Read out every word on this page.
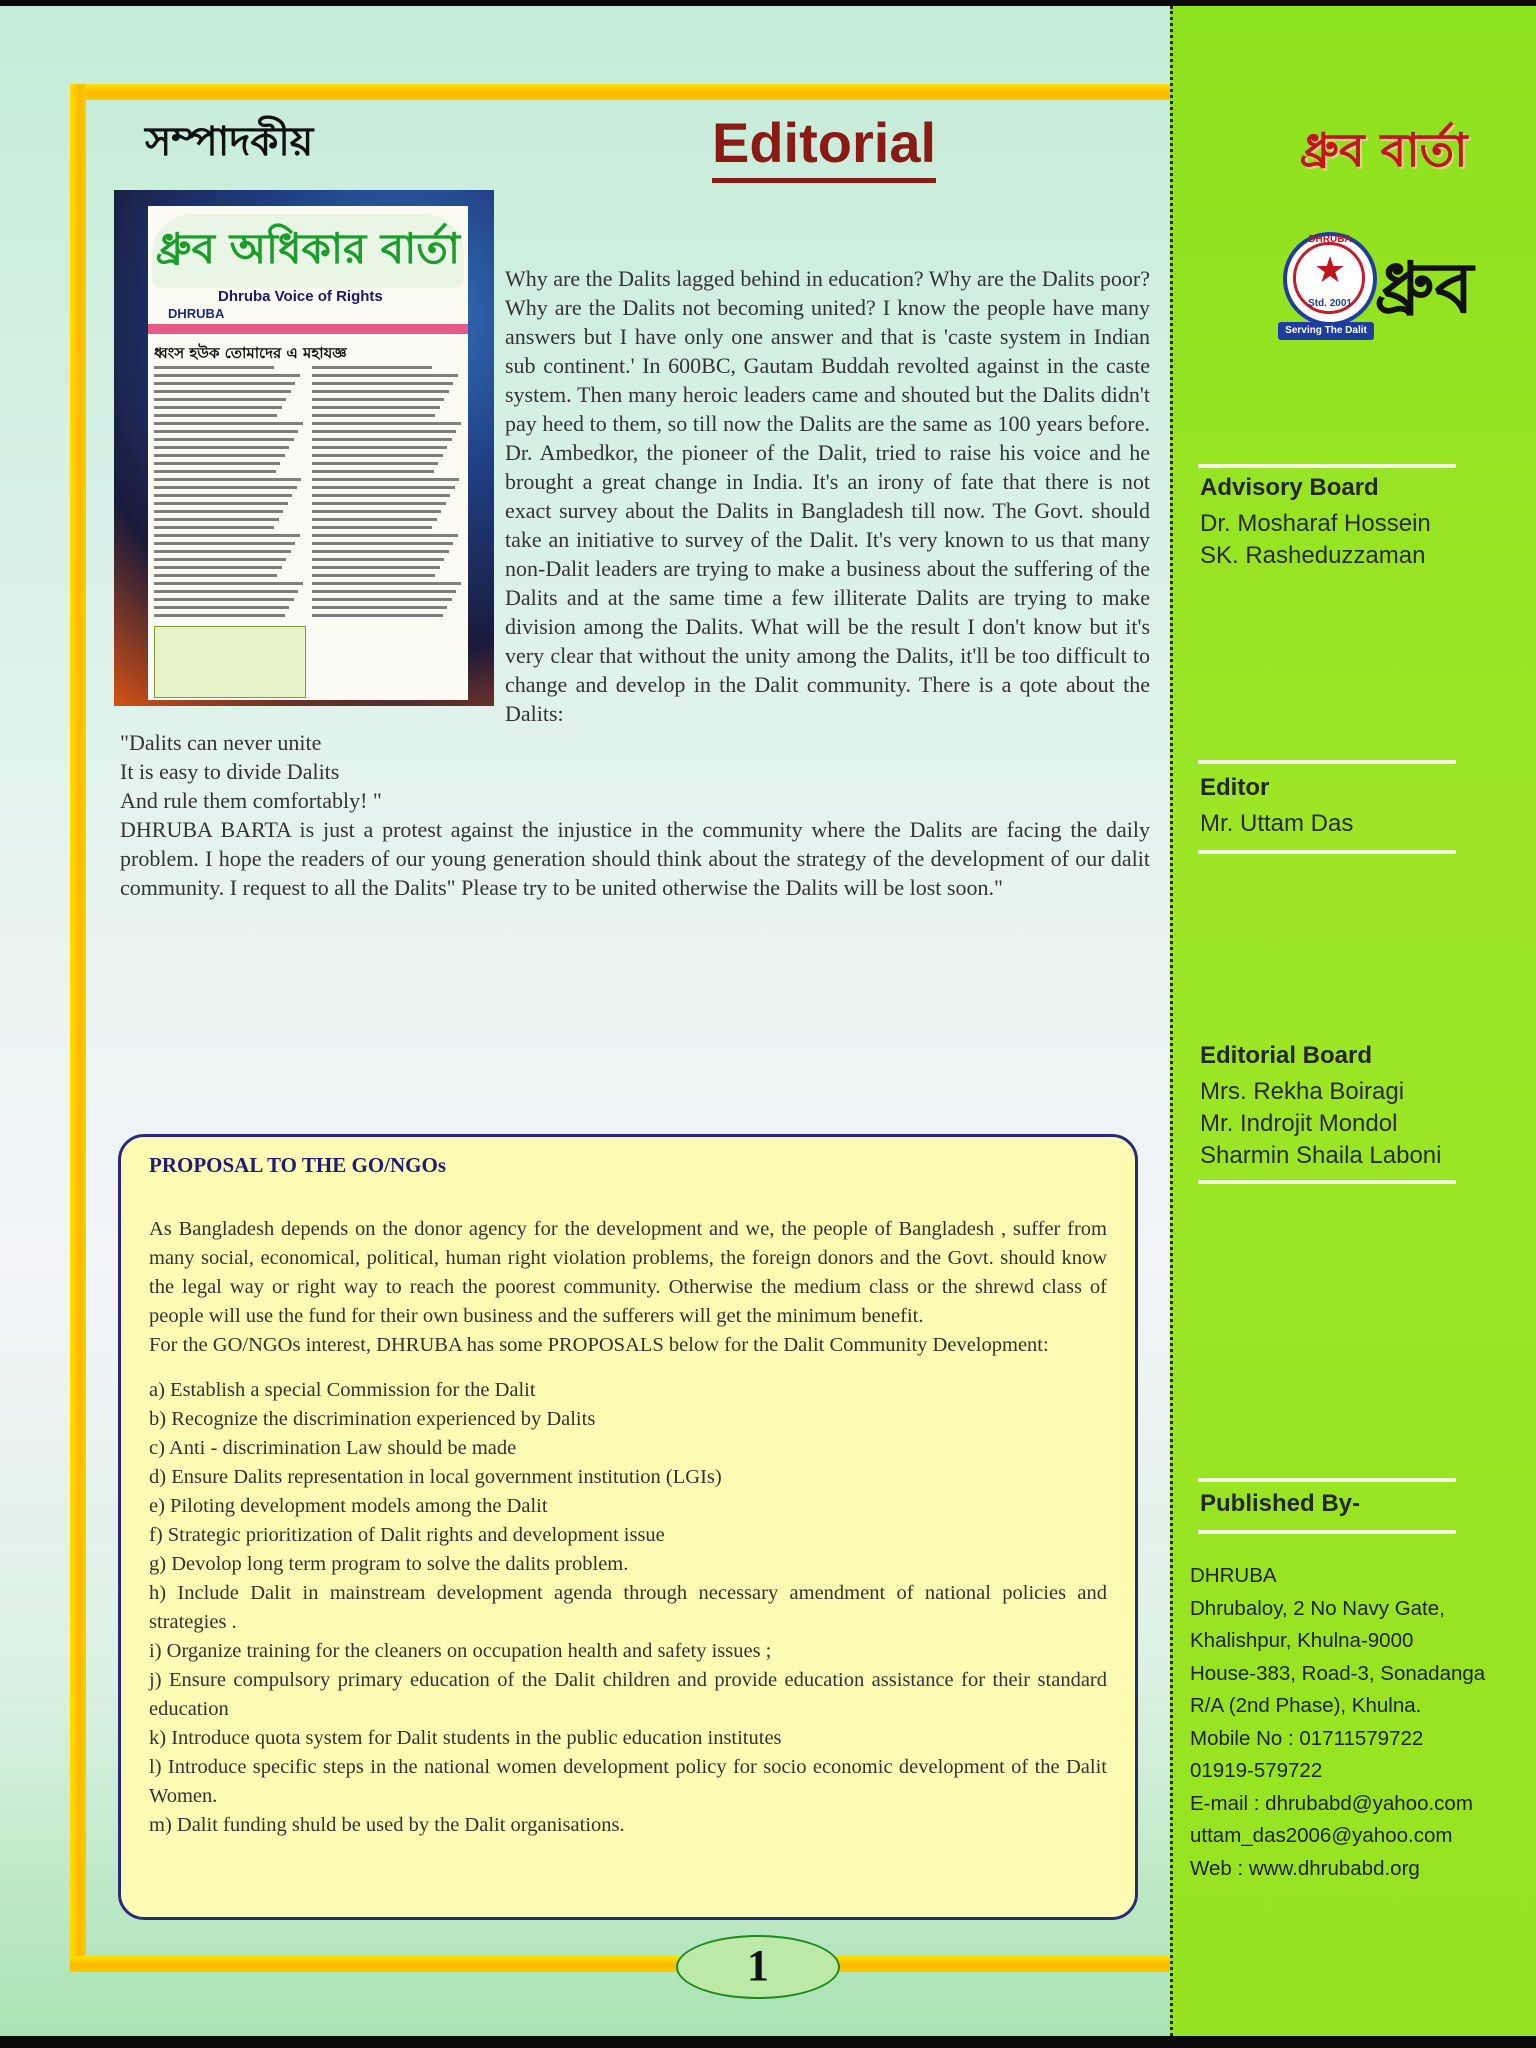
সম্পাদকীয়	Editorial
ধ্রুব অধিকার বার্তা
Dhruba Voice of Rights
DHRUBA
ধ্বংস হউক তোমাদের এ মহাযজ্ঞ
Why are the Dalits lagged behind in education? Why are the Dalits poor? Why are the Dalits not becoming united? I know the people have many answers but I have only one answer and that is 'caste system in Indian sub continent.' In 600BC, Gautam Buddah revolted against in the caste system. Then many heroic leaders came and shouted but the Dalits didn't pay heed to them, so till now the Dalits are the same as 100 years before. Dr. Ambedkor, the pioneer of the Dalit, tried to raise his voice and he brought a great change in India. It's an irony of fate that there is not exact survey about the Dalits in Bangladesh till now. The Govt. should take an initiative to survey of the Dalit. It's very known to us that many non-Dalit leaders are trying to make a business about the suffering of the Dalits and at the same time a few illiterate Dalits are trying to make division among the Dalits. What will be the result I don't know but it's very clear that without the unity among the Dalits, it'll be too difficult to change and develop in the Dalit community. There is a qote about the Dalits:
"Dalits can never unite
It is easy to divide Dalits
And rule them comfortably! "
DHRUBA BARTA is just a protest against the injustice in the community where the Dalits are facing the daily problem. I hope the readers of our young generation should think about the strategy of the development of our dalit community. I request to all the Dalits" Please try to be united otherwise the Dalits will be lost soon."
PROPOSAL TO THE GO/NGOs

As Bangladesh depends on the donor agency for the development and we, the people of Bangladesh , suffer from many social, economical, political, human right violation problems, the foreign donors and the Govt. should know the legal way or right way to reach the poorest community. Otherwise the medium class or the shrewd class of people will use the fund for their own business and the sufferers will get the minimum benefit.

For the GO/NGOs interest, DHRUBA has some PROPOSALS below for the Dalit Community Development:

a) Establish a special Commission for the Dalit
b) Recognize the discrimination experienced by Dalits
c) Anti - discrimination Law should be made
d) Ensure Dalits representation in local government institution (LGIs)
e) Piloting development models among the Dalit
f) Strategic prioritization of Dalit rights and development issue
g) Devolop long term program to solve the dalits problem.
h) Include Dalit in mainstream development agenda through necessary amendment of national policies and strategies .
i) Organize training for the cleaners on occupation health and safety issues ;
j) Ensure compulsory primary education of the Dalit children and provide education assistance for their standard education
k) Introduce quota system for Dalit students in the public education institutes
l) Introduce specific steps in the national women development policy for socio economic development of the Dalit Women.
m) Dalit funding shuld be used by the Dalit organisations.
1
ধ্রুব বার্তা
DHRUBA
★
Std. 2001
Serving The Dalit
ধ্রুব
Advisory Board
Dr. Mosharaf Hossein
SK. Rasheduzzaman
Editor
Mr. Uttam Das
Editorial Board
Mrs. Rekha Boiragi
Mr. Indrojit Mondol
Sharmin Shaila Laboni
Published By-
DHRUBA
Dhrubaloy, 2 No Navy Gate,
Khalishpur, Khulna-9000
House-383, Road-3, Sonadanga
R/A (2nd Phase), Khulna.
Mobile No : 01711579722
01919-579722
E-mail : dhrubabd@yahoo.com
uttam_das2006@yahoo.com
Web : www.dhrubabd.org
